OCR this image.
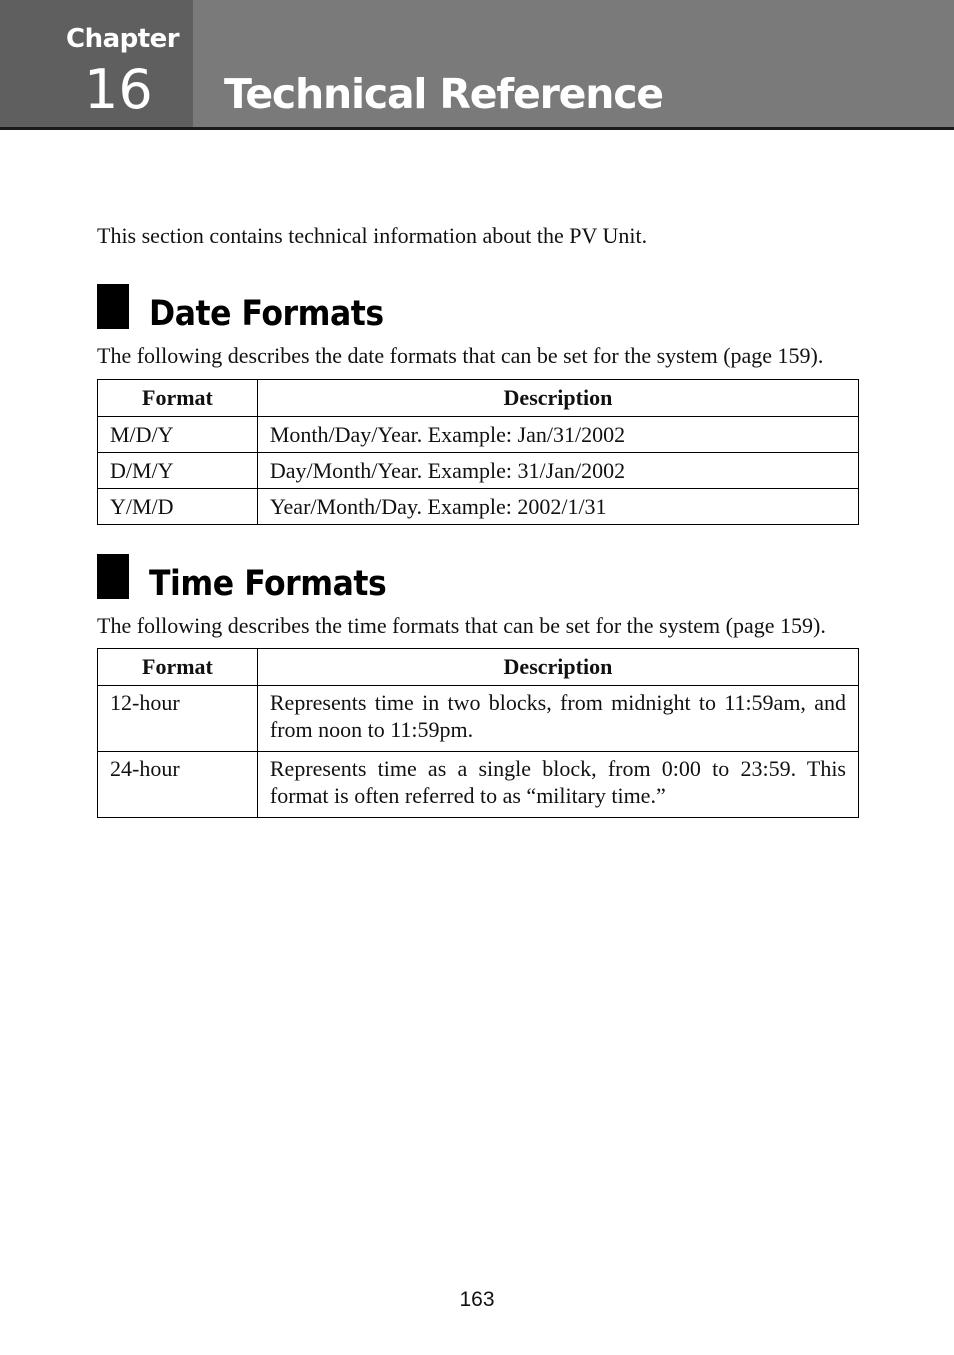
Chapter
16 Technical Reference
This section contains technical information about the PV Unit.
Date Formats
The following describes the date formats that can be set for the system (page 159).
Format	Description
M/D/Y	Month/Day/Year. Example: Jan/31/2002
D/M/Y	Day/Month/Year. Example: 31/Jan/2002
Y/M/D	Year/Month/Day. Example: 2002/1/31
Time Formats
The following describes the time formats that can be set for the system (page 159).
Format	Description
12-hour	Represents time in two blocks, from midnight to 11:59am, and from noon to 11:59pm.
24-hour	Represents time as a single block, from 0:00 to 23:59. This format is often referred to as “military time.”
163
